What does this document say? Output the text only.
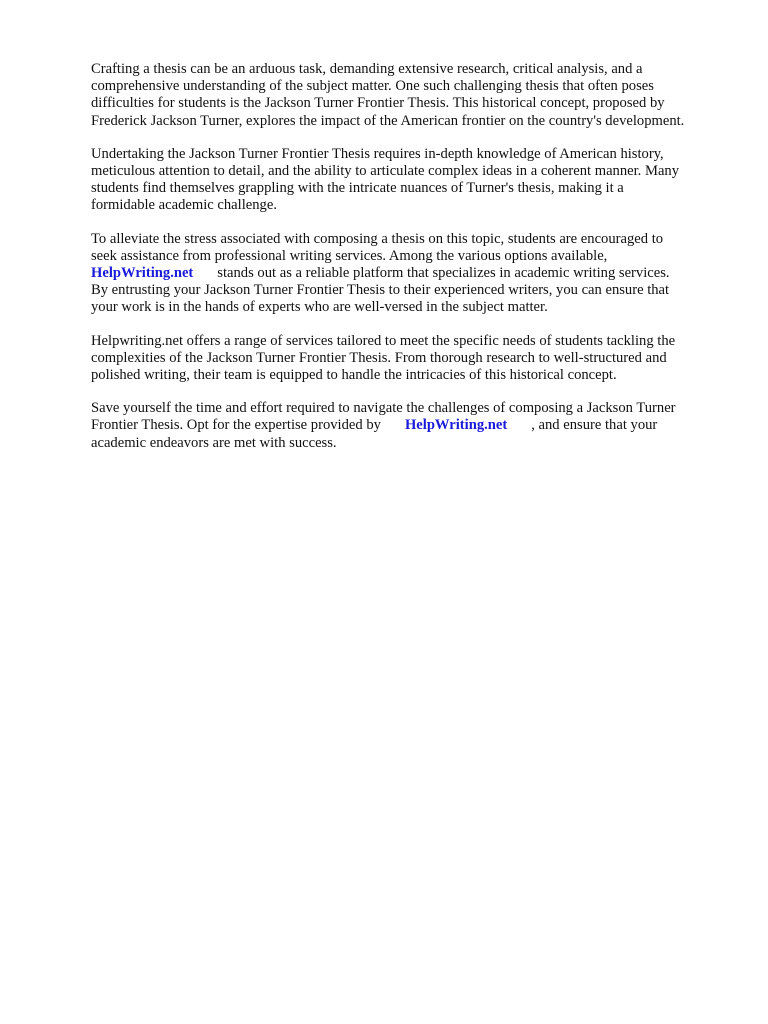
Crafting a thesis can be an arduous task, demanding extensive research, critical analysis, and a
comprehensive understanding of the subject matter. One such challenging thesis that often poses
difficulties for students is the Jackson Turner Frontier Thesis. This historical concept, proposed by
Frederick Jackson Turner, explores the impact of the American frontier on the country's development.

Undertaking the Jackson Turner Frontier Thesis requires in-depth knowledge of American history,
meticulous attention to detail, and the ability to articulate complex ideas in a coherent manner. Many
students find themselves grappling with the intricate nuances of Turner's thesis, making it a
formidable academic challenge.

To alleviate the stress associated with composing a thesis on this topic, students are encouraged to
seek assistance from professional writing services. Among the various options available,
HelpWriting.net stands out as a reliable platform that specializes in academic writing services.
By entrusting your Jackson Turner Frontier Thesis to their experienced writers, you can ensure that
your work is in the hands of experts who are well-versed in the subject matter.

Helpwriting.net offers a range of services tailored to meet the specific needs of students tackling the
complexities of the Jackson Turner Frontier Thesis. From thorough research to well-structured and
polished writing, their team is equipped to handle the intricacies of this historical concept.

Save yourself the time and effort required to navigate the challenges of composing a Jackson Turner
Frontier Thesis. Opt for the expertise provided by HelpWriting.net , and ensure that your
academic endeavors are met with success.
